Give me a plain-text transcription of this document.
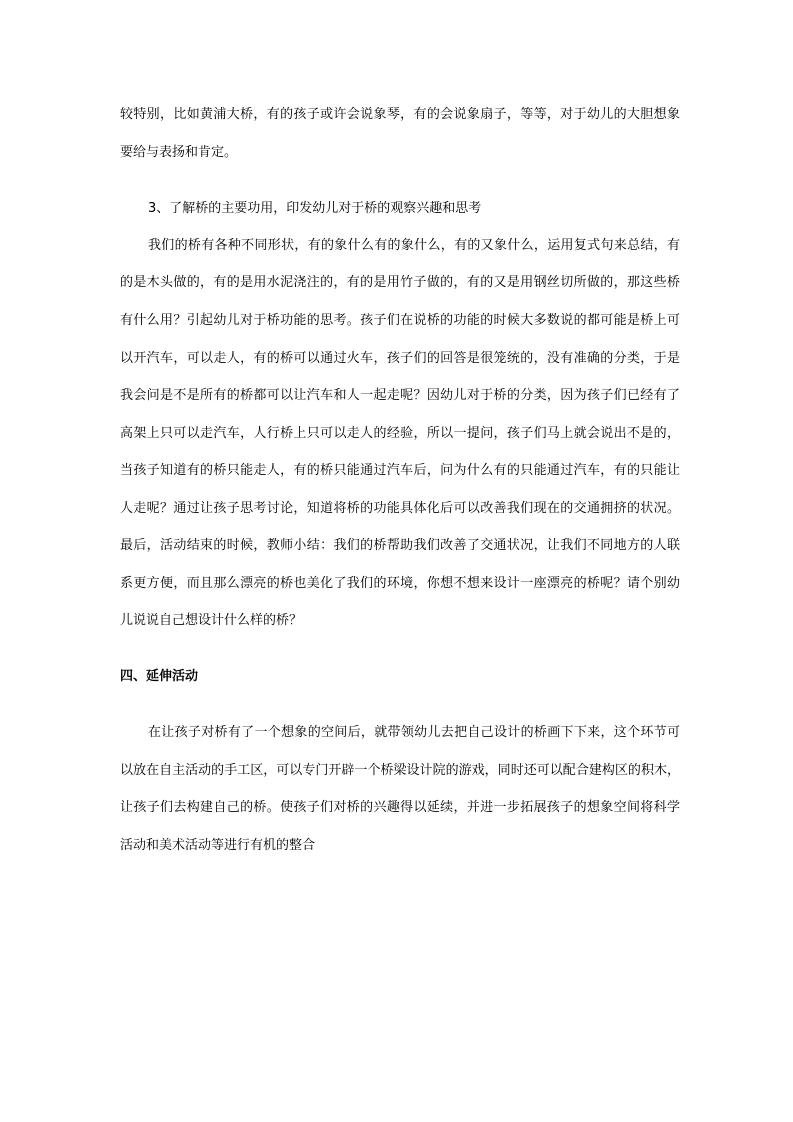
较特别，比如黄浦大桥，有的孩子或许会说象琴，有的会说象扇子，等等，对于幼儿的大胆想象
要给与表扬和肯定。
3、了解桥的主要功用，印发幼儿对于桥的观察兴趣和思考
我们的桥有各种不同形状，有的象什么有的象什么，有的又象什么，运用复式句来总结，有
的是木头做的，有的是用水泥浇注的，有的是用竹子做的，有的又是用钢丝切所做的，那这些桥
有什么用？引起幼儿对于桥功能的思考。孩子们在说桥的功能的时候大多数说的都可能是桥上可
以开汽车，可以走人，有的桥可以通过火车，孩子们的回答是很笼统的，没有准确的分类，于是
我会问是不是所有的桥都可以让汽车和人一起走呢？因幼儿对于桥的分类，因为孩子们已经有了
高架上只可以走汽车，人行桥上只可以走人的经验，所以一提问，孩子们马上就会说出不是的，
当孩子知道有的桥只能走人，有的桥只能通过汽车后，问为什么有的只能通过汽车，有的只能让
人走呢？通过让孩子思考讨论，知道将桥的功能具体化后可以改善我们现在的交通拥挤的状况。
最后，活动结束的时候，教师小结：我们的桥帮助我们改善了交通状况，让我们不同地方的人联
系更方便，而且那么漂亮的桥也美化了我们的环境，你想不想来设计一座漂亮的桥呢？请个别幼
儿说说自己想设计什么样的桥？
四、延伸活动
在让孩子对桥有了一个想象的空间后，就带领幼儿去把自己设计的桥画下下来，这个环节可
以放在自主活动的手工区，可以专门开辟一个桥梁设计院的游戏，同时还可以配合建构区的积木，
让孩子们去构建自己的桥。使孩子们对桥的兴趣得以延续，并进一步拓展孩子的想象空间将科学
活动和美术活动等进行有机的整合
